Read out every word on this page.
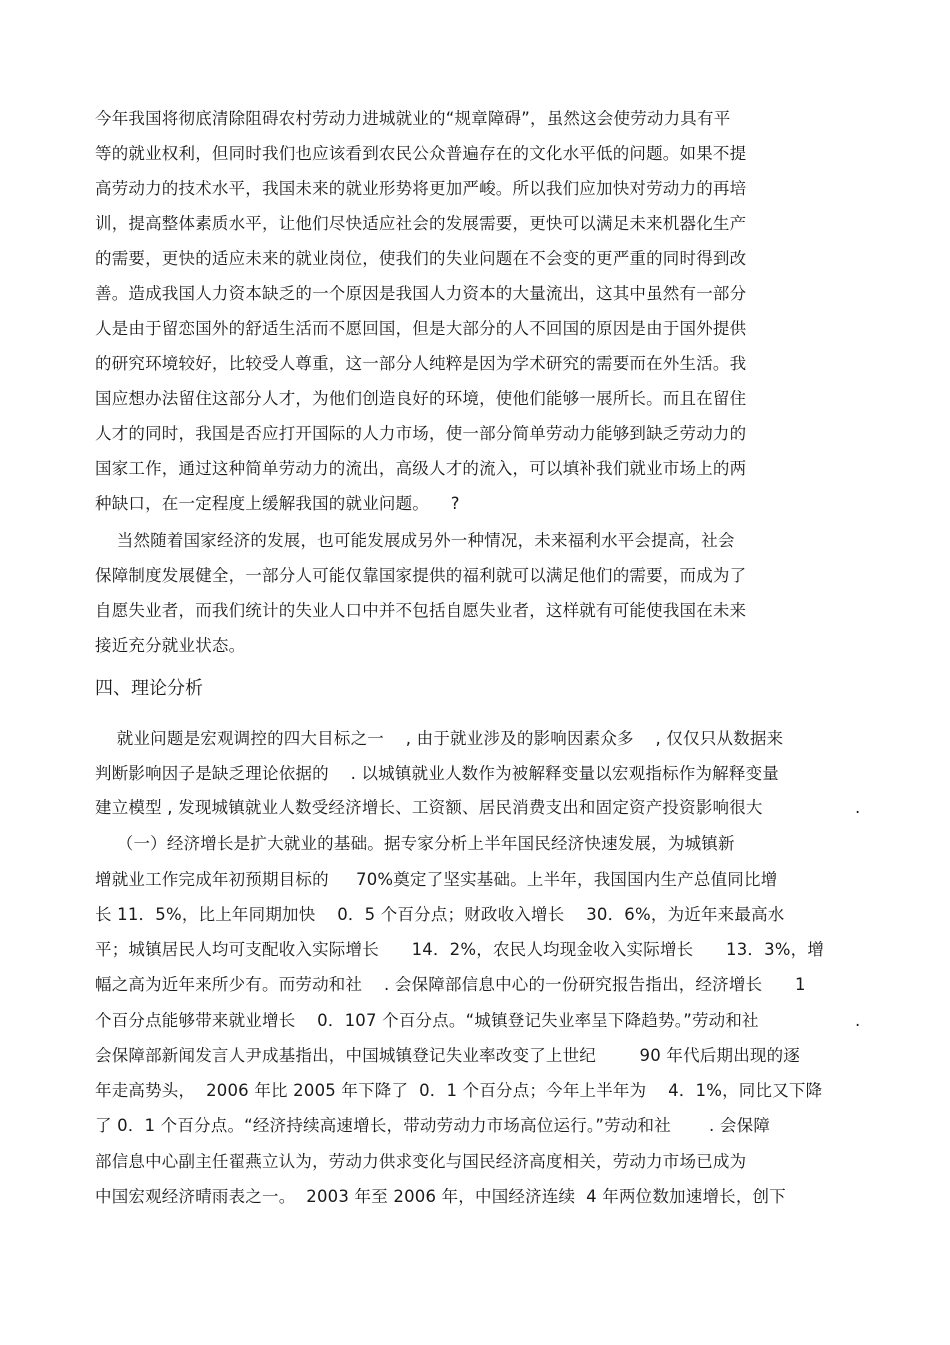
今年我国将彻底清除阻碍农村劳动力进城就业的“规章障碍”，虽然这会使劳动力具有平
等的就业权利，但同时我们也应该看到农民公众普遍存在的文化水平低的问题。如果不提
高劳动力的技术水平，我国未来的就业形势将更加严峻。所以我们应加快对劳动力的再培
训，提高整体素质水平，让他们尽快适应社会的发展需要，更快可以满足未来机器化生产
的需要，更快的适应未来的就业岗位，使我们的失业问题在不会变的更严重的同时得到改
善。造成我国人力资本缺乏的一个原因是我国人力资本的大量流出，这其中虽然有一部分
人是由于留恋国外的舒适生活而不愿回国，但是大部分的人不回国的原因是由于国外提供
的研究环境较好，比较受人尊重，这一部分人纯粹是因为学术研究的需要而在外生活。我
国应想办法留住这部分人才，为他们创造良好的环境，使他们能够一展所长。而且在留住
人才的同时，我国是否应打开国际的人力市场，使一部分简单劳动力能够到缺乏劳动力的
国家工作，通过这种简单劳动力的流出，高级人才的流入，可以填补我们就业市场上的两
种缺口，在一定程度上缓解我国的就业问题。    ?
当然随着国家经济的发展，也可能发展成另外一种情况，未来福利水平会提高，社会
保障制度发展健全，一部分人可能仅靠国家提供的福利就可以满足他们的需要，而成为了
自愿失业者，而我们统计的失业人口中并不包括自愿失业者，这样就有可能使我国在未来
接近充分就业状态。
四、理论分析
就业问题是宏观调控的四大目标之一    , 由于就业涉及的影响因素众多    , 仅仅只从数据来
判断影响因子是缺乏理论依据的    . 以城镇就业人数作为被解释变量以宏观指标作为解释变量
建立模型 , 发现城镇就业人数受经济增长、工资额、居民消费支出和固定资产投资影响很大	.
（一）经济增长是扩大就业的基础。据专家分析上半年国民经济快速发展，为城镇新
增就业工作完成年初预期目标的     70%奠定了坚实基础。上半年，我国国内生产总值同比增
长 11．5%，比上年同期加快    0．5 个百分点；财政收入增长    30．6%，为近年来最高水
平；城镇居民人均可支配收入实际增长      14．2%，农民人均现金收入实际增长      13．3%，增
幅之高为近年来所少有。而劳动和社    . 会保障部信息中心的一份研究报告指出，经济增长      1
个百分点能够带来就业增长    0．107 个百分点。“城镇登记失业率呈下降趋势。”劳动和社	.
会保障部新闻发言人尹成基指出，中国城镇登记失业率改变了上世纪        90 年代后期出现的逐
年走高势头，  2006 年比 2005 年下降了  0．1 个百分点；今年上半年为    4．1%，同比又下降
了 0．1 个百分点。“经济持续高速增长，带动劳动力市场高位运行。”劳动和社       . 会保障
部信息中心副主任翟燕立认为，劳动力供求变化与国民经济高度相关，劳动力市场已成为
中国宏观经济晴雨表之一。  2003 年至 2006 年，中国经济连续  4 年两位数加速增长，创下
